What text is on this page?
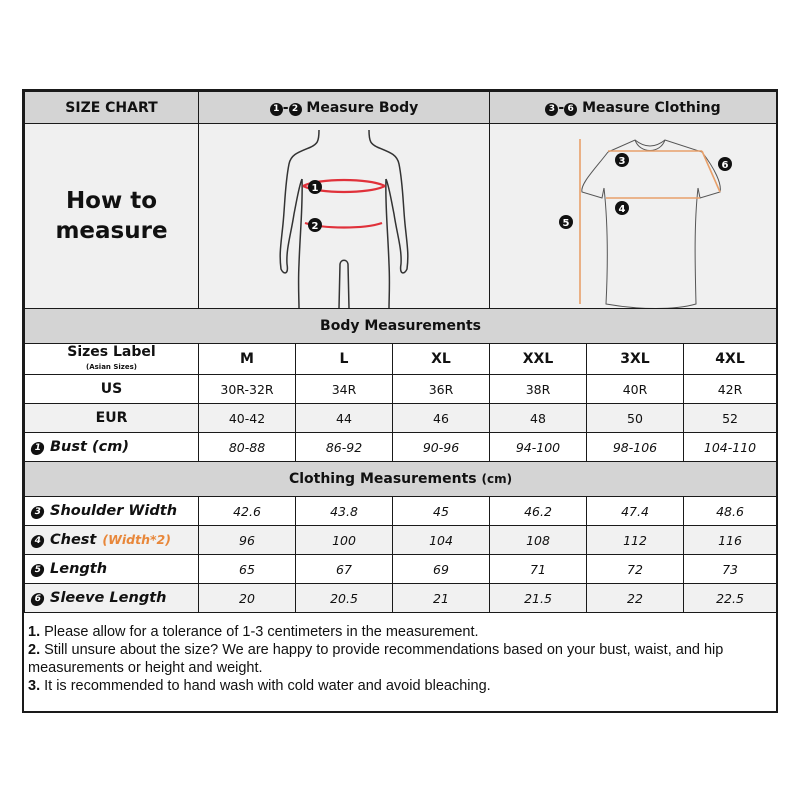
SIZE CHART	1 - 2 Measure Body			3 - 6 Measure Clothing		

How to
measure	1
2			3
4
5
6		

Body Measurements						
Sizes Label
(Asian Sizes)	M	L	XL	XXL	3XL	4XL
US	30R-32R	34R	36R	38R	40R	42R
EUR	40-42	44	46	48	50	52
1 Bust (cm)	80-88	86-92	90-96	94-100	98-106	104-110
Clothing Measurements (cm)						
3 Shoulder Width	42.6	43.8	45	46.2	47.4	48.6
4 Chest (Width*2)	96	100	104	108	112	116
5 Length	65	67	69	71	72	73
6 Sleeve Length	20	20.5	21	21.5	22	22.5
1. Please allow for a tolerance of 1-3 centimeters in the measurement.
2. Still unsure about the size? We are happy to provide recommendations based on your bust, waist, and hip measurements or height and weight.
3. It is recommended to hand wash with cold water and avoid bleaching.
